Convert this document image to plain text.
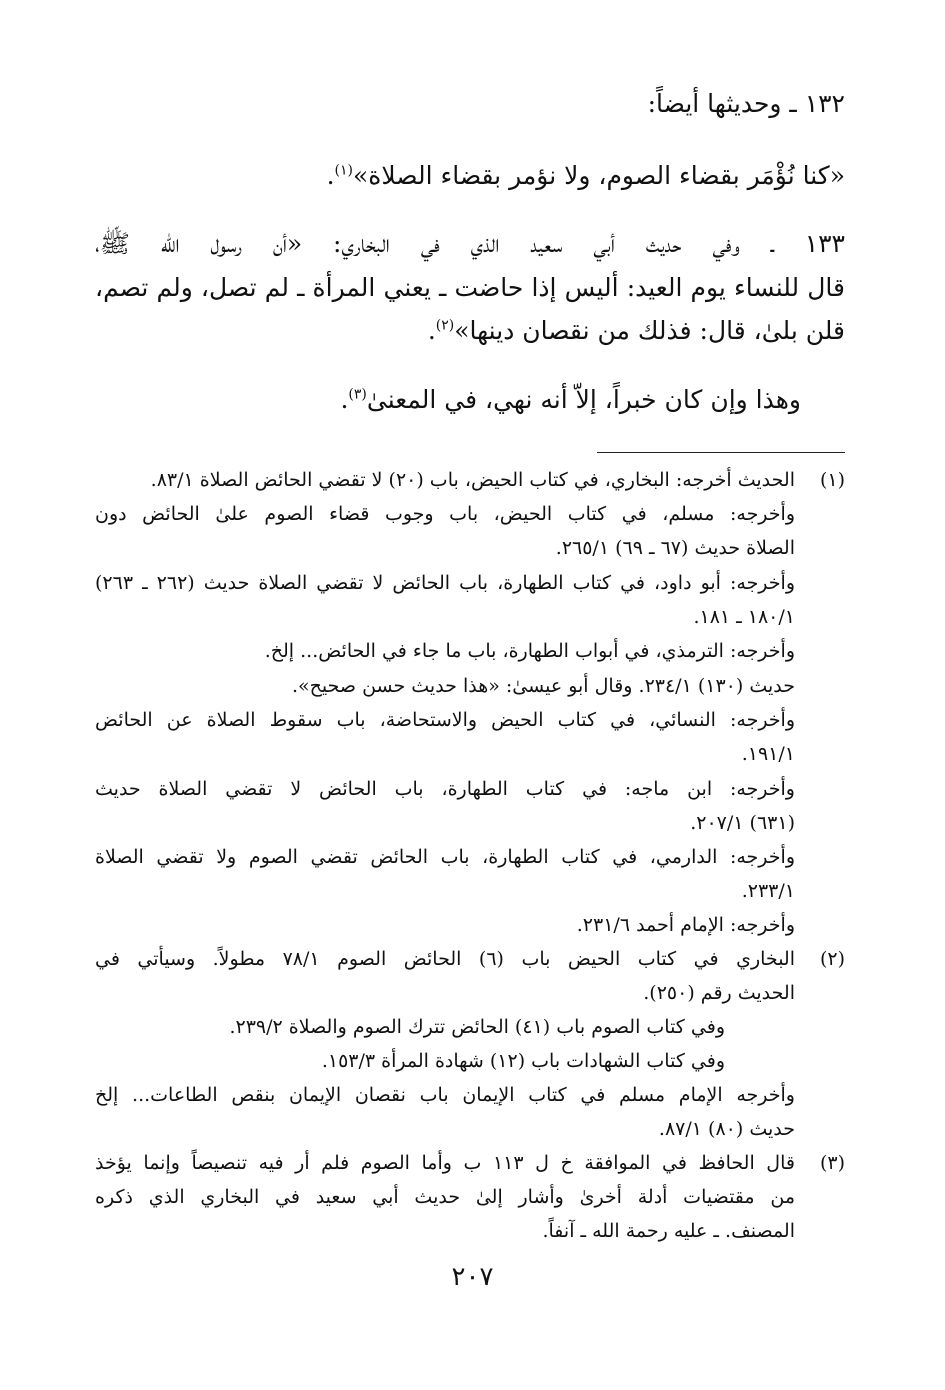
١٣٢ ـ وحديثها أيضاً:
«كنا نُؤْمَر بقضاء الصوم، ولا نؤمر بقضاء الصلاة»$^{(١)}$.
١٣٣ ـ وفي حديث أبي سعيد الذي في البخاري: «أن رسول الله ﷺ،
قال للنساء يوم العيد: أليس إذا حاضت ـ يعني المرأة ـ لم تصل، ولم تصم،
قلن بلىٰ، قال: فذلك من نقصان دينها»$^{(٢)}$.
وهذا وإن كان خبراً، إلاّ أنه نهي، في المعنىٰ$^{(٣)}$.
(١)
الحديث أخرجه: البخاري، في كتاب الحيض، باب (٢٠) لا تقضي الحائض الصلاة ٨٣/١.
وأخرجه: مسلم، في كتاب الحيض، باب وجوب قضاء الصوم علىٰ الحائض دون
الصلاة حديث (٦٧ ـ ٦٩) ٢٦٥/١.
وأخرجه: أبو داود، في كتاب الطهارة، باب الحائض لا تقضي الصلاة حديث (٢٦٢ ـ ٢٦٣)
١٨٠/١ ـ ١٨١.
وأخرجه: الترمذي، في أبواب الطهارة، باب ما جاء في الحائض... إلخ.
حديث (١٣٠) ٢٣٤/١. وقال أبو عيسىٰ: «هذا حديث حسن صحيح».
وأخرجه: النسائي، في كتاب الحيض والاستحاضة، باب سقوط الصلاة عن الحائض
١٩١/١.
وأخرجه: ابن ماجه: في كتاب الطهارة، باب الحائض لا تقضي الصلاة حديث
(٦٣١) ٢٠٧/١.
وأخرجه: الدارمي، في كتاب الطهارة، باب الحائض تقضي الصوم ولا تقضي الصلاة
٢٣٣/١.
وأخرجه: الإمام أحمد ٢٣١/٦.
(٢)
البخاري في كتاب الحيض باب (٦) الحائض الصوم ٧٨/١ مطولاً. وسيأتي في
الحديث رقم (٢٥٠).
وفي كتاب الصوم باب (٤١) الحائض تترك الصوم والصلاة ٢٣٩/٢.
وفي كتاب الشهادات باب (١٢) شهادة المرأة ١٥٣/٣.
وأخرجه الإمام مسلم في كتاب الإيمان باب نقصان الإيمان بنقص الطاعات... إلخ
حديث (٨٠) ٨٧/١.
(٣)
قال الحافظ في الموافقة خ ل ١١٣ ب وأما الصوم فلم أر فيه تنصيصاً وإنما يؤخذ
من مقتضيات أدلة أخرىٰ وأشار إلىٰ حديث أبي سعيد في البخاري الذي ذكره
المصنف. ـ عليه رحمة الله ـ آنفاً.
٢٠٧
